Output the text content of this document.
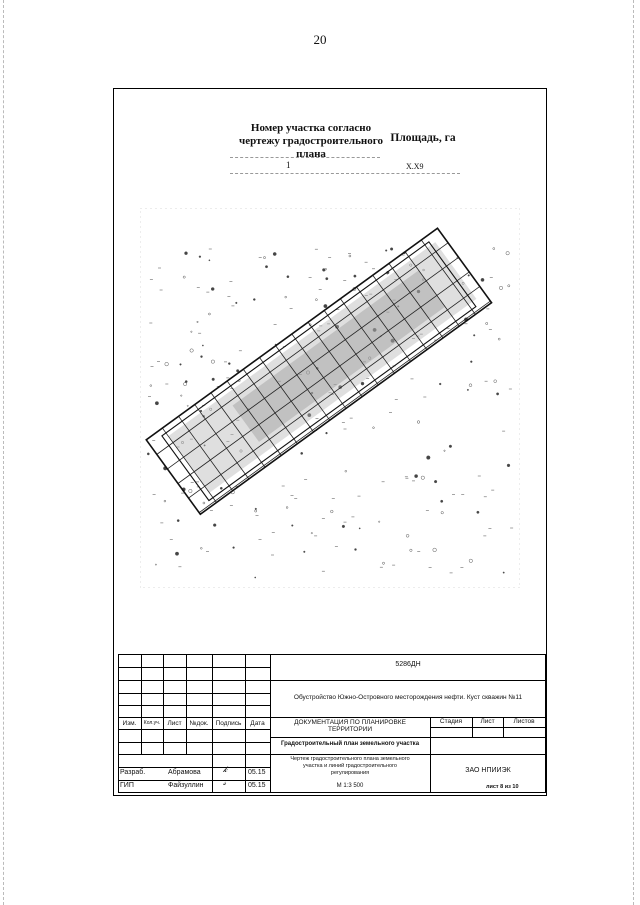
20
Номер участка согласно чертежу градостроительного плана
Площадь, га
1	Х.Х9
Изм.	Кол.уч.	Лист	№док.	Подпись	Дата
Разраб.	Абрамова	𝓀	05.15
ГИП	Файзуллин 𝓈	05.15
5286ДН
Обустройство Южно-Островного месторождения нефти. Куст скважин №11
ДОКУМЕНТАЦИЯ ПО ПЛАНИРОВКЕ ТЕРРИТОРИИ
Стадия	Лист	Листов
Градостроительный план земельного участка
Чертеж градостроительного плана земельного участка и линий градостроительного регулирования
М 1:3 500
ЗАО НПИИЭК
лист 8 из 10
